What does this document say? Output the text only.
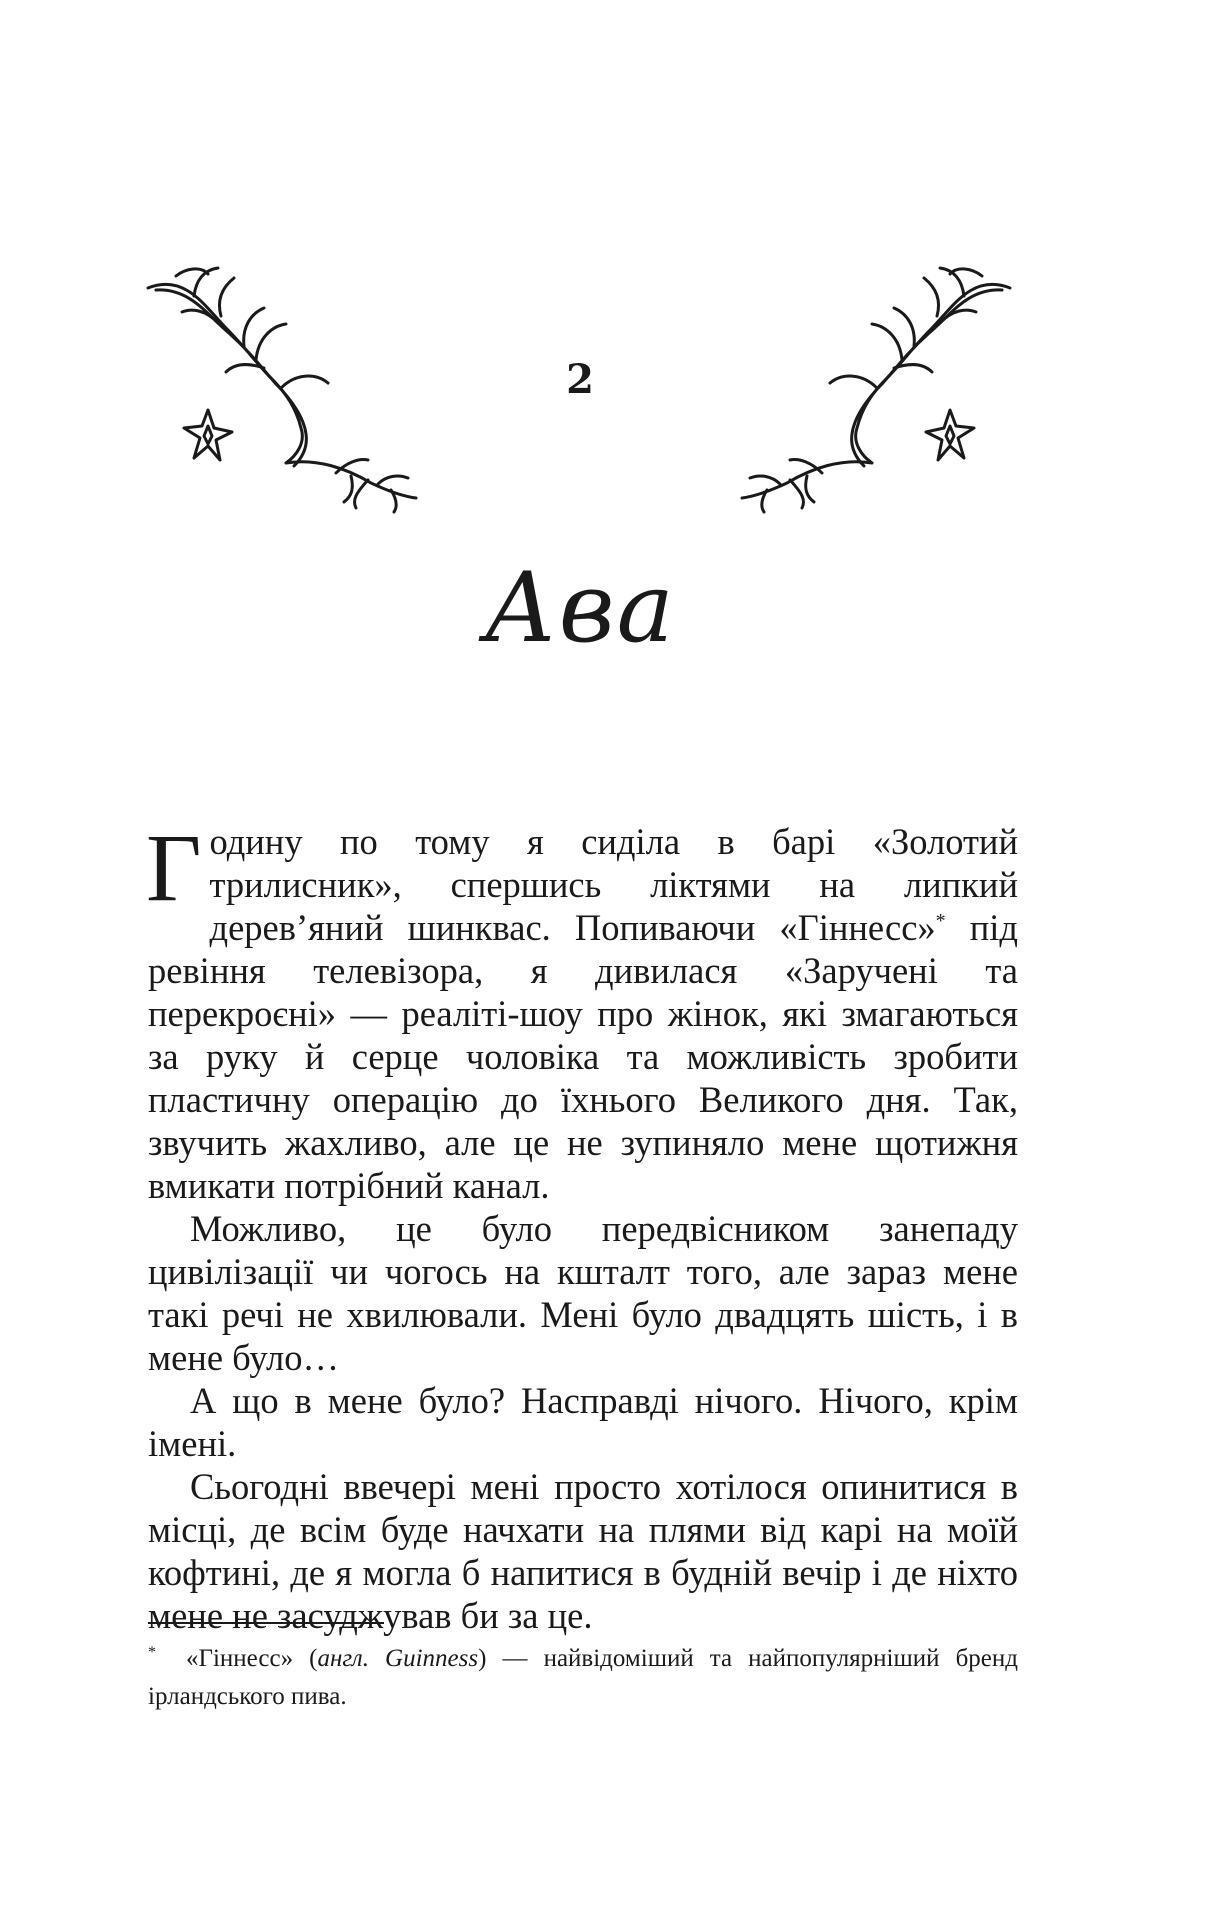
2
Ава

Годину по тому я сиділа в барі «Золотий трилисник», спершись ліктями на липкий дерев’яний шинквас. Попиваючи «Гіннесс»* під ревіння телевізора, я дивилася «Заручені та перекроєні» — реаліті-шоу про жінок, які змагаються за руку й серце чоловіка та можливість зробити пластичну операцію до їхнього Великого дня. Так, звучить жахливо, але це не зупиняло мене щотижня вмикати потрібний канал.

Можливо, це було передвісником занепаду цивілізації чи чогось на кшталт того, але зараз мене такі речі не хвилювали. Мені було двадцять шість, і в мене було…

А що в мене було? Насправді нічого. Нічого, крім імені.

Сьогодні ввечері мені просто хотілося опинитися в місці, де всім буде начхати на плями від карі на моїй кофтині, де я могла б напитися в будній вечір і де ніхто мене не засуджував би за це.

* «Гіннесс» (англ. Guinness) — найвідоміший та найпопулярніший бренд ірландського пива.
